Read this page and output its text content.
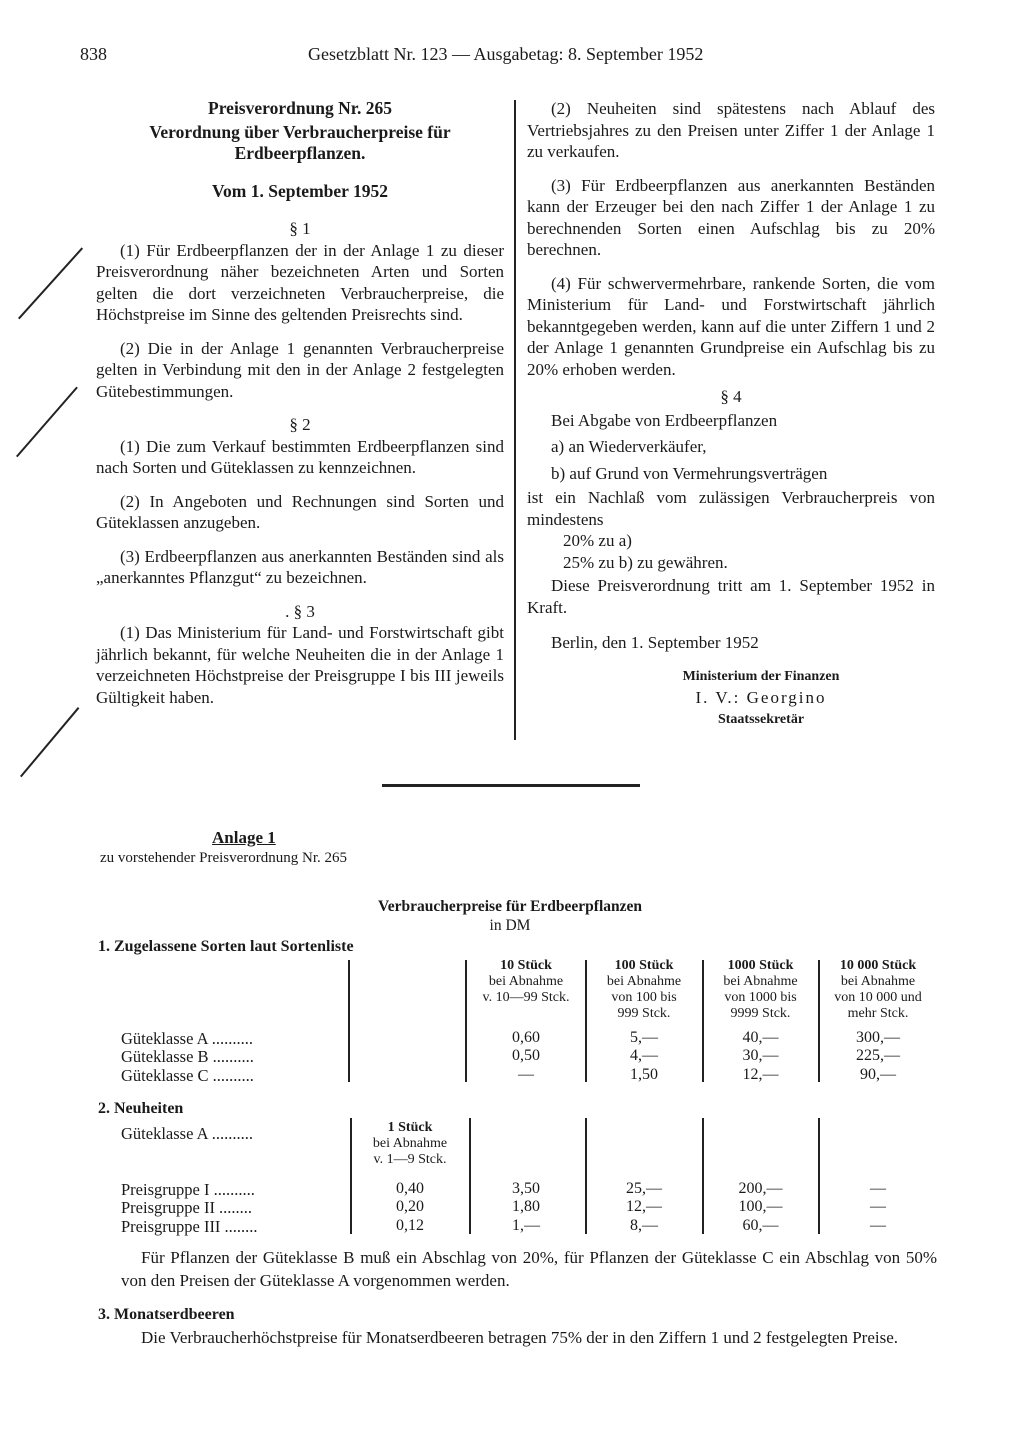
838	Gesetzblatt Nr. 123 — Ausgabetag: 8. September 1952

Preisverordnung Nr. 265

Verordnung über Verbraucherpreise für

Erdbeerpflanzen.

Vom 1. September 1952

§ 1

(1) Für Erdbeerpflanzen der in der Anlage 1 zu dieser Preisverordnung näher bezeichneten Arten und Sorten gelten die dort verzeichneten Verbraucherpreise, die Höchstpreise im Sinne des geltenden Preisrechts sind.

(2) Die in der Anlage 1 genannten Verbraucherpreise gelten in Verbindung mit den in der Anlage 2 festgelegten Gütebestimmungen.

§ 2

(1) Die zum Verkauf bestimmten Erdbeerpflanzen sind nach Sorten und Güteklassen zu kennzeichnen.

(2) In Angeboten und Rechnungen sind Sorten und Güteklassen anzugeben.

(3) Erdbeerpflanzen aus anerkannten Beständen sind als „anerkanntes Pflanzgut“ zu bezeichnen.

. § 3

(1) Das Ministerium für Land- und Forstwirtschaft gibt jährlich bekannt, für welche Neuheiten die in der Anlage 1 verzeichneten Höchstpreise der Preisgruppe I bis III jeweils Gültigkeit haben.

(2) Neuheiten sind spätestens nach Ablauf des Vertriebsjahres zu den Preisen unter Ziffer 1 der Anlage 1 zu verkaufen.

(3) Für Erdbeerpflanzen aus anerkannten Beständen kann der Erzeuger bei den nach Ziffer 1 der Anlage 1 zu berechnenden Sorten einen Aufschlag bis zu 20% berechnen.

(4) Für schwervermehrbare, rankende Sorten, die vom Ministerium für Land- und Forstwirtschaft jährlich bekanntgegeben werden, kann auf die unter Ziffern 1 und 2 der Anlage 1 genannten Grundpreise ein Aufschlag bis zu 20% erhoben werden.

§ 4

Bei Abgabe von Erdbeerpflanzen

a) an Wiederverkäufer,

b) auf Grund von Vermehrungsverträgen

ist ein Nachlaß vom zulässigen Verbraucherpreis von mindestens

20% zu a)

25% zu b) zu gewähren.

Diese Preisverordnung tritt am 1. September 1952 in Kraft.

Berlin, den 1. September 1952

Ministerium der Finanzen

I. V.: Georgino

Staatssekretär

Anlage 1
zu vorstehender Preisverordnung Nr. 265
Verbraucherpreise für Erdbeerpflanzen
in DM
1. Zugelassene Sorten laut Sortenliste
10 Stück
bei Abnahme
v. 10—99 Stck.
100 Stück
bei Abnahme
von 100 bis
999 Stck.
1000 Stück
bei Abnahme
von 1000 bis
9999 Stck.
10 000 Stück
bei Abnahme
von 10 000 und
mehr Stck.
Güteklasse A ..........	0,60	5,—	40,—	300,—
Güteklasse B ..........	0,50	4,—	30,—	225,—
Güteklasse C ..........	—	1,50	12,—	90,—
2. Neuheiten
Güteklasse A ..........	1 Stück
bei Abnahme
v. 1—9 Stck.
Preisgruppe I ..........	0,40	3,50	25,—	200,—	—
Preisgruppe II ........	0,20	1,80	12,—	100,—	—
Preisgruppe III ........	0,12	1,—	8,—	60,—	—
Für Pflanzen der Güteklasse B muß ein Abschlag von 20%, für Pflanzen der Güteklasse C ein Abschlag von 50% von den Preisen der Güteklasse A vorgenommen werden.
3. Monatserdbeeren
Die Verbraucherhöchstpreise für Monatserdbeeren betragen 75% der in den Ziffern 1 und 2 festgelegten Preise.
